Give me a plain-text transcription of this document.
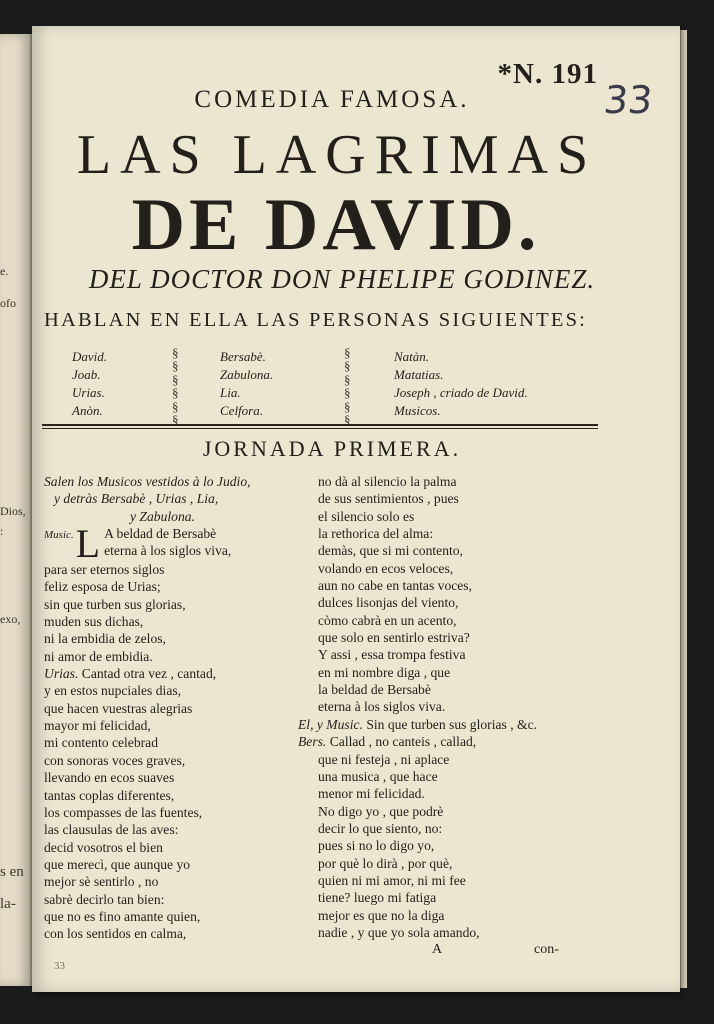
e.
ofo
Dios,
:
exo,
s en
la-
*N. 191
33
COMEDIA FAMOSA.
LAS LAGRIMAS
DE DAVID.
DEL DOCTOR DON PHELIPE GODINEZ.
HABLAN EN ELLA LAS PERSONAS SIGUIENTES:
David.
Joab.
Urias.
Anòn.
§
§
§
§
§
§
Bersabè.
Zabulona.
Lia.
Celfora.
§
§
§
§
§
§
Natàn.
Matatias.
Joseph , criado de David.
Musicos.
JORNADA PRIMERA.
Salen los Musicos vestidos à lo Judio,
y detràs Bersabè , Urias , Lia,
y Zabulona.
Music. L A beldad de Bersabè
eterna à los siglos viva,
para ser eternos siglos
feliz esposa de Urias;
sin que turben sus glorias,
muden sus dichas,
ni la embidia de zelos,
ni amor de embidia.
Urias. Cantad otra vez , cantad,
y en estos nupciales dias,
que hacen vuestras alegrias
mayor mi felicidad,
mi contento celebrad
con sonoras voces graves,
llevando en ecos suaves
tantas coplas diferentes,
los compasses de las fuentes,
las clausulas de las aves:
decid vosotros el bien
que merecì, que aunque yo
mejor sè sentirlo , no
sabrè decirlo tan bien:
que no es fino amante quien,
con los sentidos en calma,
no dà al silencio la palma
de sus sentimientos , pues
el silencio solo es
la rethorica del alma:
demàs, que si mi contento,
volando en ecos veloces,
aun no cabe en tantas voces,
dulces lisonjas del viento,
còmo cabrà en un acento,
que solo en sentirlo estriva?
Y assi , essa trompa festiva
en mi nombre diga , que
la beldad de Bersabè
eterna à los siglos viva.
El, y Music. Sin que turben sus glorias , &c.
Bers. Callad , no canteis , callad,
que ni festeja , ni aplace
una musica , que hace
menor mi felicidad.
No digo yo , que podrè
decir lo que siento, no:
pues si no lo digo yo,
por què lo dirà , por què,
quien ni mi amor, ni mi fee
tiene? luego mi fatiga
mejor es que no la diga
nadie , y que yo sola amando,
A	con-
33
